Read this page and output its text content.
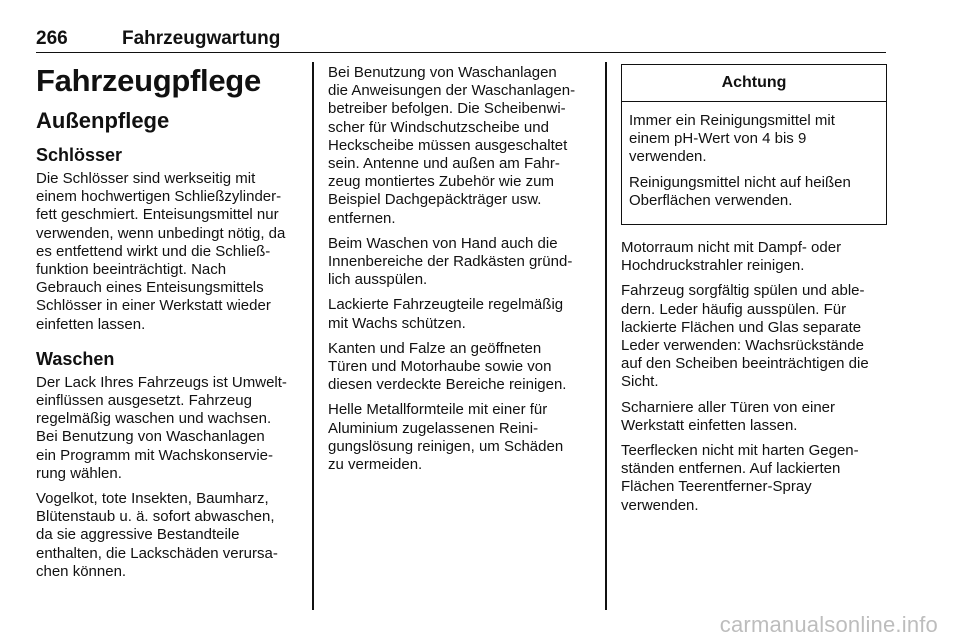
266	Fahrzeugwartung
Fahrzeugpflege
Außenpflege
Schlösser

Die Schlösser sind werkseitig mit
einem hochwertigen Schließzylinder-
fett geschmiert. Enteisungsmittel nur
verwenden, wenn unbedingt nötig, da
es entfettend wirkt und die Schließ-
funktion beeinträchtigt. Nach
Gebrauch eines Enteisungsmittels
Schlösser in einer Werkstatt wieder
einfetten lassen.

Waschen

Der Lack Ihres Fahrzeugs ist Umwelt-
einflüssen ausgesetzt. Fahrzeug
regelmäßig waschen und wachsen.
Bei Benutzung von Waschanlagen
ein Programm mit Wachskonservie-
rung wählen.

Vogelkot, tote Insekten, Baumharz,
Blütenstaub u. ä. sofort abwaschen,
da sie aggressive Bestandteile
enthalten, die Lackschäden verursa-
chen können.

Bei Benutzung von Waschanlagen
die Anweisungen der Waschanlagen-
betreiber befolgen. Die Scheibenwi-
scher für Windschutzscheibe und
Heckscheibe müssen ausgeschaltet
sein. Antenne und außen am Fahr-
zeug montiertes Zubehör wie zum
Beispiel Dachgepäckträger usw.
entfernen.

Beim Waschen von Hand auch die
Innenbereiche der Radkästen gründ-
lich ausspülen.

Lackierte Fahrzeugteile regelmäßig
mit Wachs schützen.

Kanten und Falze an geöffneten
Türen und Motorhaube sowie von
diesen verdeckte Bereiche reinigen.

Helle Metallformteile mit einer für
Aluminium zugelassenen Reini-
gungslösung reinigen, um Schäden
zu vermeiden.

Achtung

Immer ein Reinigungsmittel mit
einem pH-Wert von 4 bis 9
verwenden.

Reinigungsmittel nicht auf heißen
Oberflächen verwenden.

Motorraum nicht mit Dampf- oder
Hochdruckstrahler reinigen.

Fahrzeug sorgfältig spülen und able-
dern. Leder häufig ausspülen. Für
lackierte Flächen und Glas separate
Leder verwenden: Wachsrückstände
auf den Scheiben beeinträchtigen die
Sicht.

Scharniere aller Türen von einer
Werkstatt einfetten lassen.

Teerflecken nicht mit harten Gegen-
ständen entfernen. Auf lackierten
Flächen Teerentferner-Spray
verwenden.

carmanualsonline.info
